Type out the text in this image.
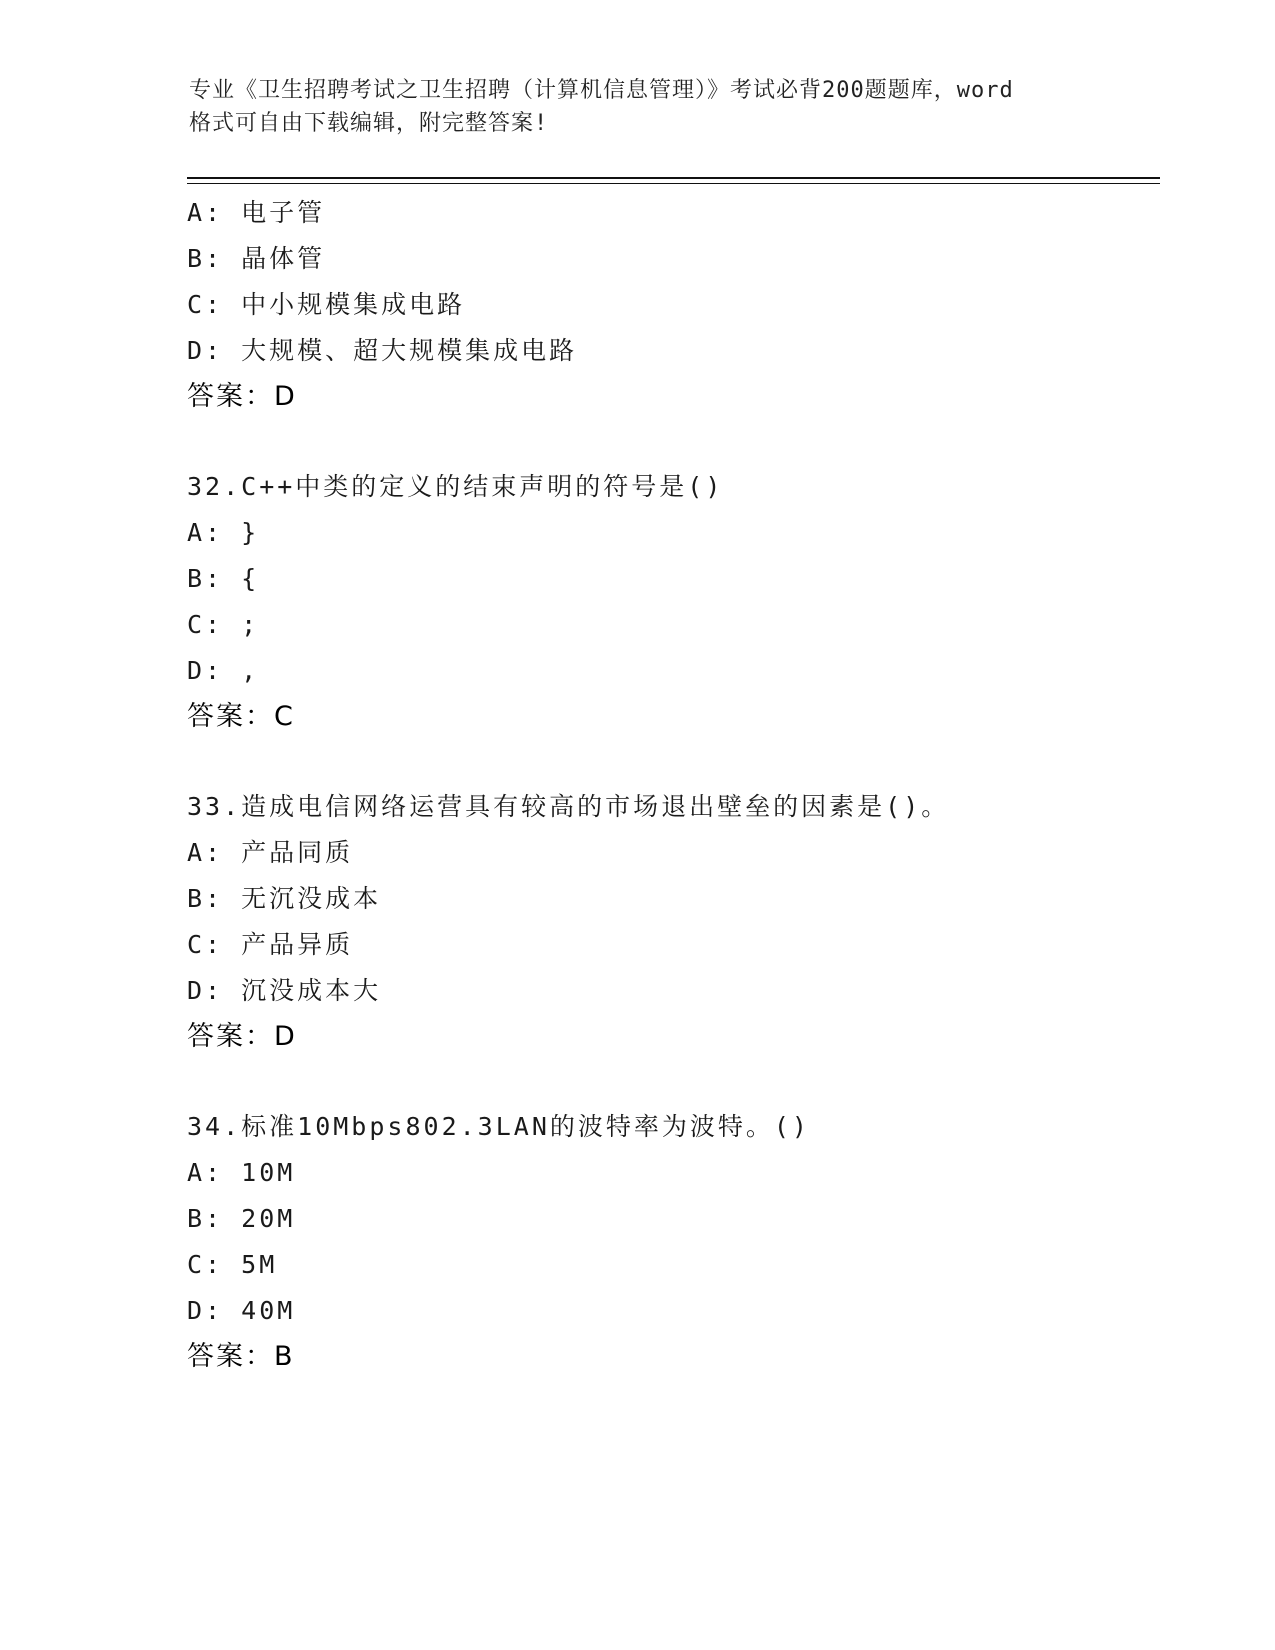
专业《卫生招聘考试之卫生招聘（计算机信息管理）》考试必背200题题库，word
格式可自由下载编辑，附完整答案!
A: 电子管
B: 晶体管
C: 中小规模集成电路
D: 大规模、超大规模集成电路
答案：D
32.C++中类的定义的结束声明的符号是()
A: }
B: {
C: ;
D: ,
答案：C
33.造成电信网络运营具有较高的市场退出壁垒的因素是()。
A: 产品同质
B: 无沉没成本
C: 产品异质
D: 沉没成本大
答案：D
34.标准10Mbps802.3LAN的波特率为波特。()
A: 10M
B: 20M
C: 5M
D: 40M
答案：B
